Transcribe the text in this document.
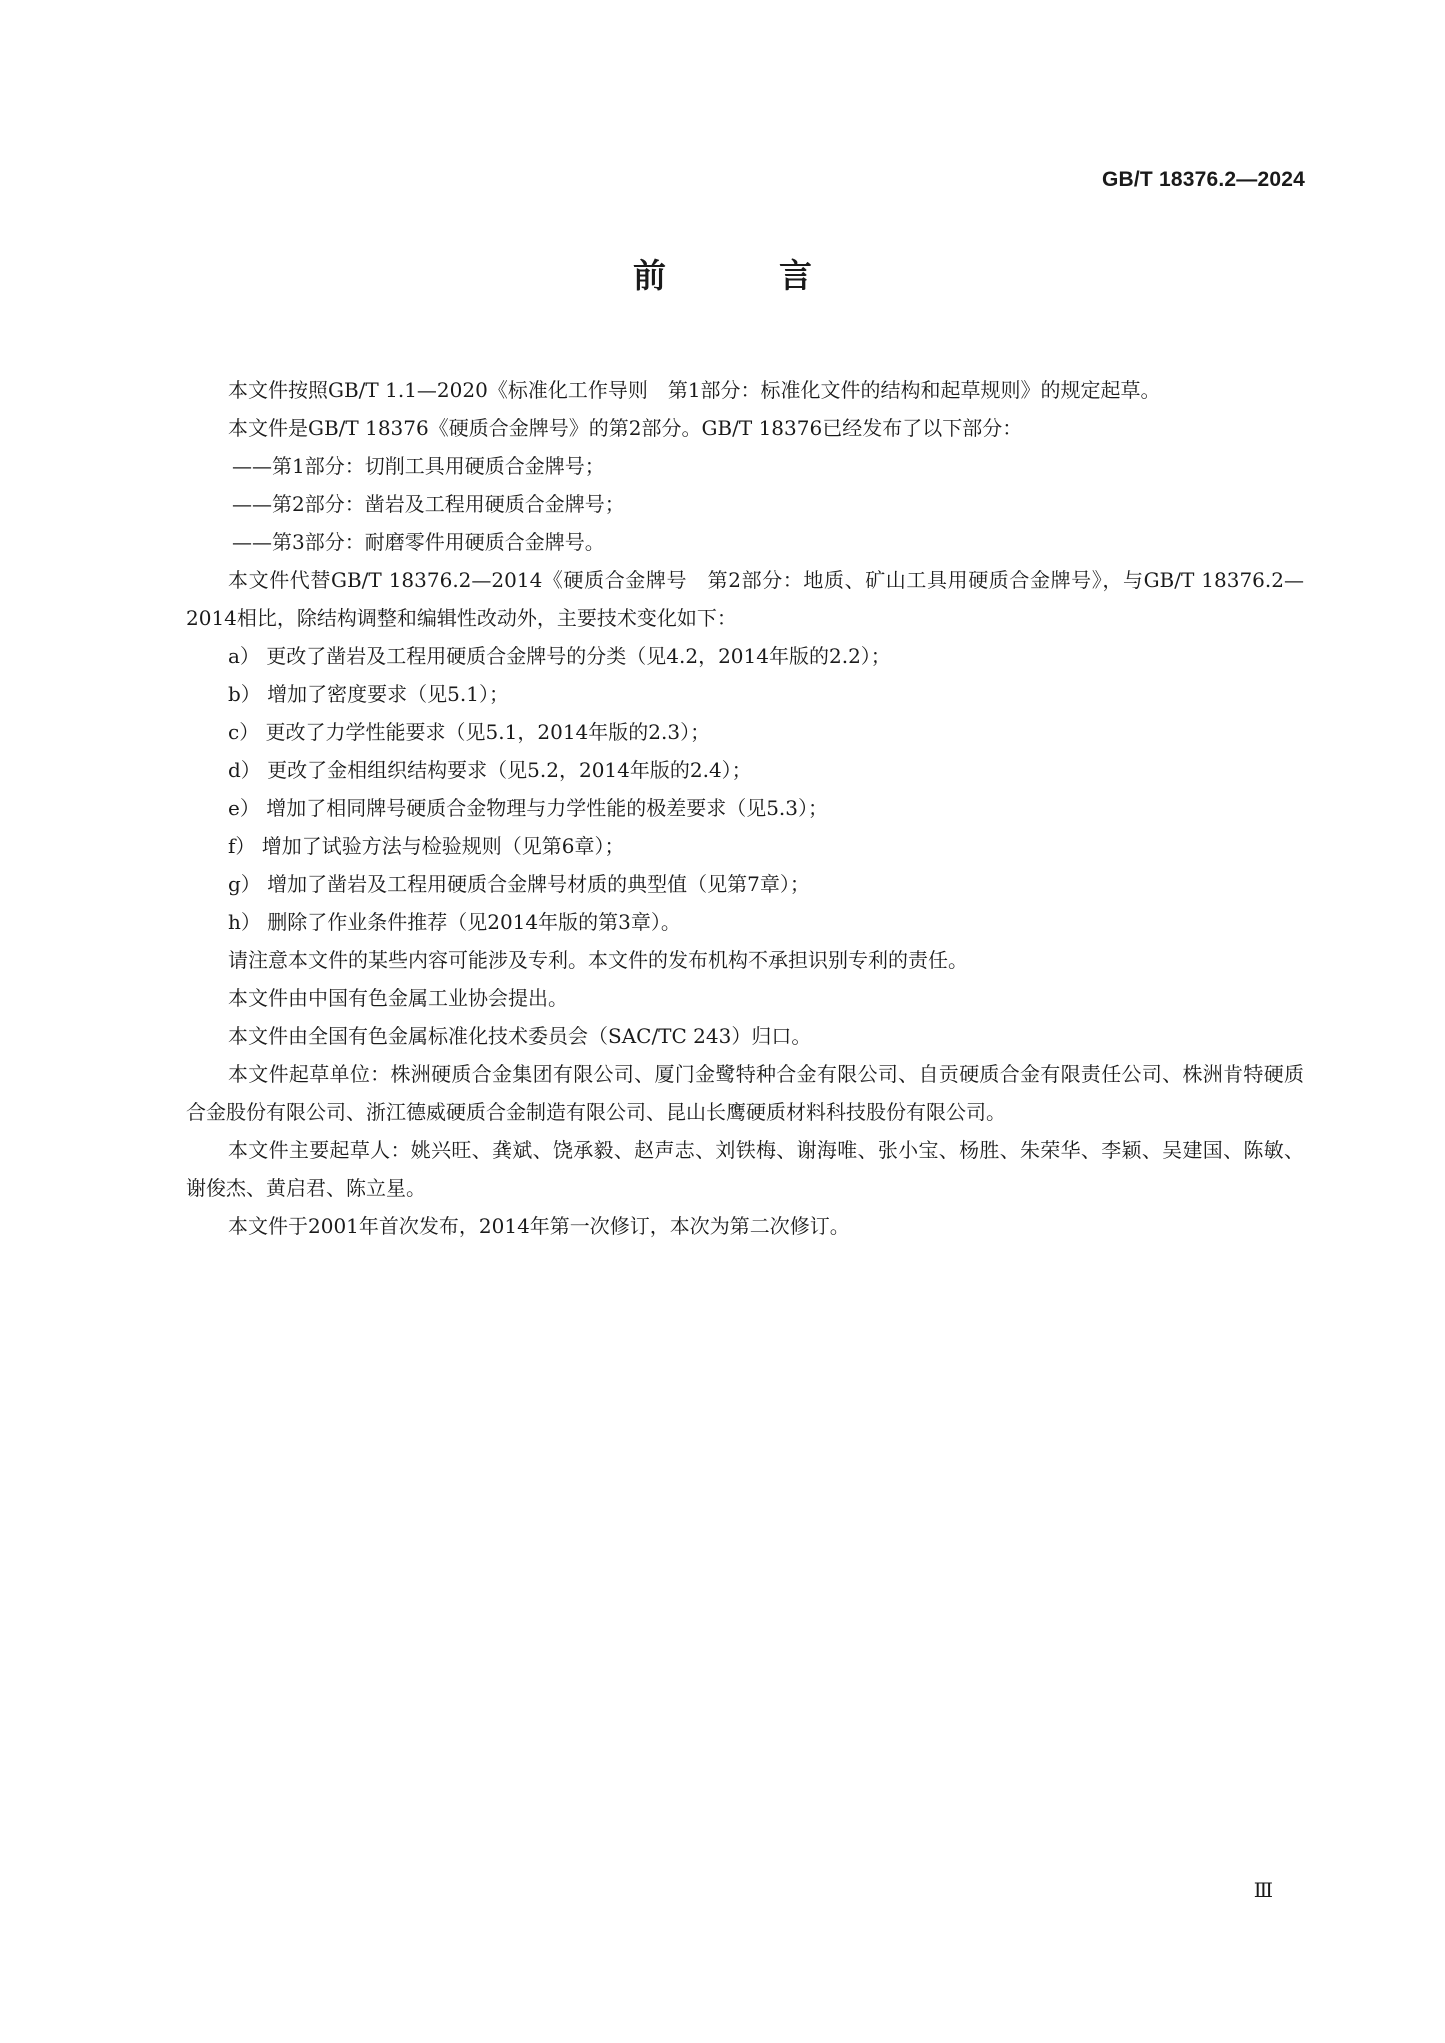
GB/T 18376.2—2024
前　言

本文件按照GB/T 1.1—2020《标准化工作导则　第1部分：标准化文件的结构和起草规则》的规定起草。

本文件是GB/T 18376《硬质合金牌号》的第2部分。GB/T 18376已经发布了以下部分：

——第1部分：切削工具用硬质合金牌号；

——第2部分：凿岩及工程用硬质合金牌号；

——第3部分：耐磨零件用硬质合金牌号。

本文件代替GB/T 18376.2—2014《硬质合金牌号　第2部分：地质、矿山工具用硬质合金牌号》，与GB/T 18376.2—2014相比，除结构调整和编辑性改动外，主要技术变化如下：

a） 更改了凿岩及工程用硬质合金牌号的分类（见4.2，2014年版的2.2）；

b） 增加了密度要求（见5.1）；

c） 更改了力学性能要求（见5.1，2014年版的2.3）；

d） 更改了金相组织结构要求（见5.2，2014年版的2.4）；

e） 增加了相同牌号硬质合金物理与力学性能的极差要求（见5.3）；

f） 增加了试验方法与检验规则（见第6章）；

g） 增加了凿岩及工程用硬质合金牌号材质的典型值（见第7章）；

h） 删除了作业条件推荐（见2014年版的第3章）。

请注意本文件的某些内容可能涉及专利。本文件的发布机构不承担识别专利的责任。

本文件由中国有色金属工业协会提出。

本文件由全国有色金属标准化技术委员会（SAC/TC 243）归口。

本文件起草单位：株洲硬质合金集团有限公司、厦门金鹭特种合金有限公司、自贡硬质合金有限责任公司、株洲肯特硬质合金股份有限公司、浙江德威硬质合金制造有限公司、昆山长鹰硬质材料科技股份有限公司。

本文件主要起草人：姚兴旺、龚斌、饶承毅、赵声志、刘铁梅、谢海唯、张小宝、杨胜、朱荣华、李颖、吴建国、陈敏、谢俊杰、黄启君、陈立星。

本文件于2001年首次发布，2014年第一次修订，本次为第二次修订。

Ⅲ
